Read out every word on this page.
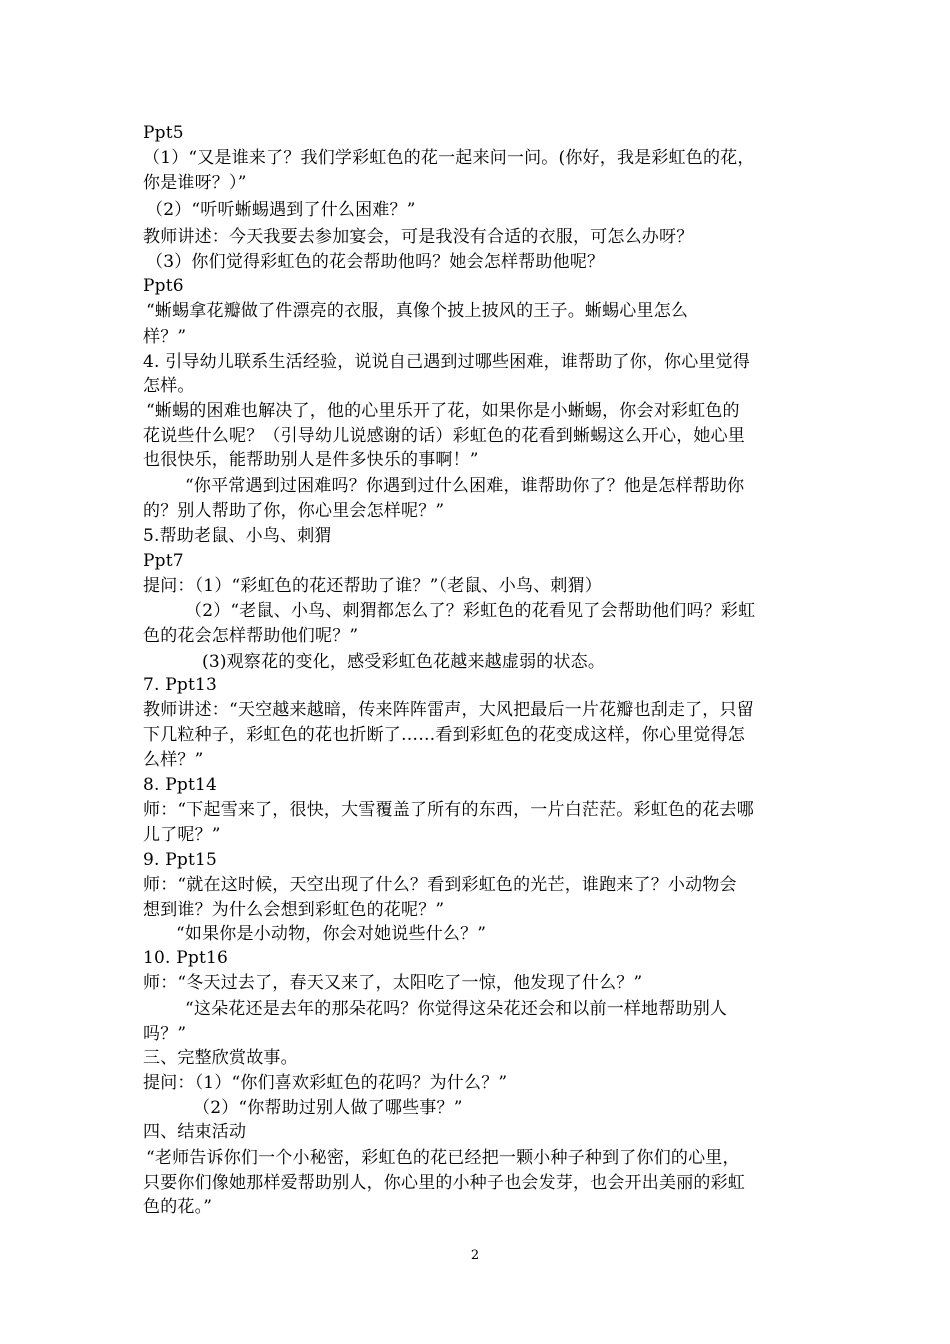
Ppt5
（1）“又是谁来了？我们学彩虹色的花一起来问一问。(你好，我是彩虹色的花，
你是谁呀？）”
（2）“听听蜥蜴遇到了什么困难？”
教师讲述：今天我要去参加宴会，可是我没有合适的衣服，可怎么办呀？
（3）你们觉得彩虹色的花会帮助他吗？她会怎样帮助他呢？
Ppt6
“蜥蜴拿花瓣做了件漂亮的衣服，真像个披上披风的王子。蜥蜴心里怎么
样？”
4. 引导幼儿联系生活经验，说说自己遇到过哪些困难，谁帮助了你，你心里觉得
怎样。
“蜥蜴的困难也解决了，他的心里乐开了花，如果你是小蜥蜴，你会对彩虹色的
花说些什么呢？（引导幼儿说感谢的话）彩虹色的花看到蜥蜴这么开心，她心里
也很快乐，能帮助别人是件多快乐的事啊！”
“你平常遇到过困难吗？你遇到过什么困难，谁帮助你了？他是怎样帮助你
的？别人帮助了你，你心里会怎样呢？”
5.帮助老鼠、小鸟、刺猬
Ppt7
提问：（1）“彩虹色的花还帮助了谁？”（老鼠、小鸟、刺猬）
（2）“老鼠、小鸟、刺猬都怎么了？彩虹色的花看见了会帮助他们吗？彩虹
色的花会怎样帮助他们呢？”
(3)观察花的变化，感受彩虹色花越来越虚弱的状态。
7. Ppt13
教师讲述：“天空越来越暗，传来阵阵雷声，大风把最后一片花瓣也刮走了，只留
下几粒种子，彩虹色的花也折断了……看到彩虹色的花变成这样，你心里觉得怎
么样？”
8. Ppt14
师：“下起雪来了，很快，大雪覆盖了所有的东西，一片白茫茫。彩虹色的花去哪
儿了呢？”
9. Ppt15
师：“就在这时候，天空出现了什么？看到彩虹色的光芒，谁跑来了？小动物会
想到谁？为什么会想到彩虹色的花呢？”
“如果你是小动物，你会对她说些什么？”
10. Ppt16
师：“冬天过去了，春天又来了，太阳吃了一惊，他发现了什么？”
“这朵花还是去年的那朵花吗？你觉得这朵花还会和以前一样地帮助别人
吗？”
三、完整欣赏故事。
提问：（1）“你们喜欢彩虹色的花吗？为什么？”
（2）“你帮助过别人做了哪些事？”
四、结束活动
“老师告诉你们一个小秘密，彩虹色的花已经把一颗小种子种到了你们的心里，
只要你们像她那样爱帮助别人，你心里的小种子也会发芽，也会开出美丽的彩虹
色的花。”
2
